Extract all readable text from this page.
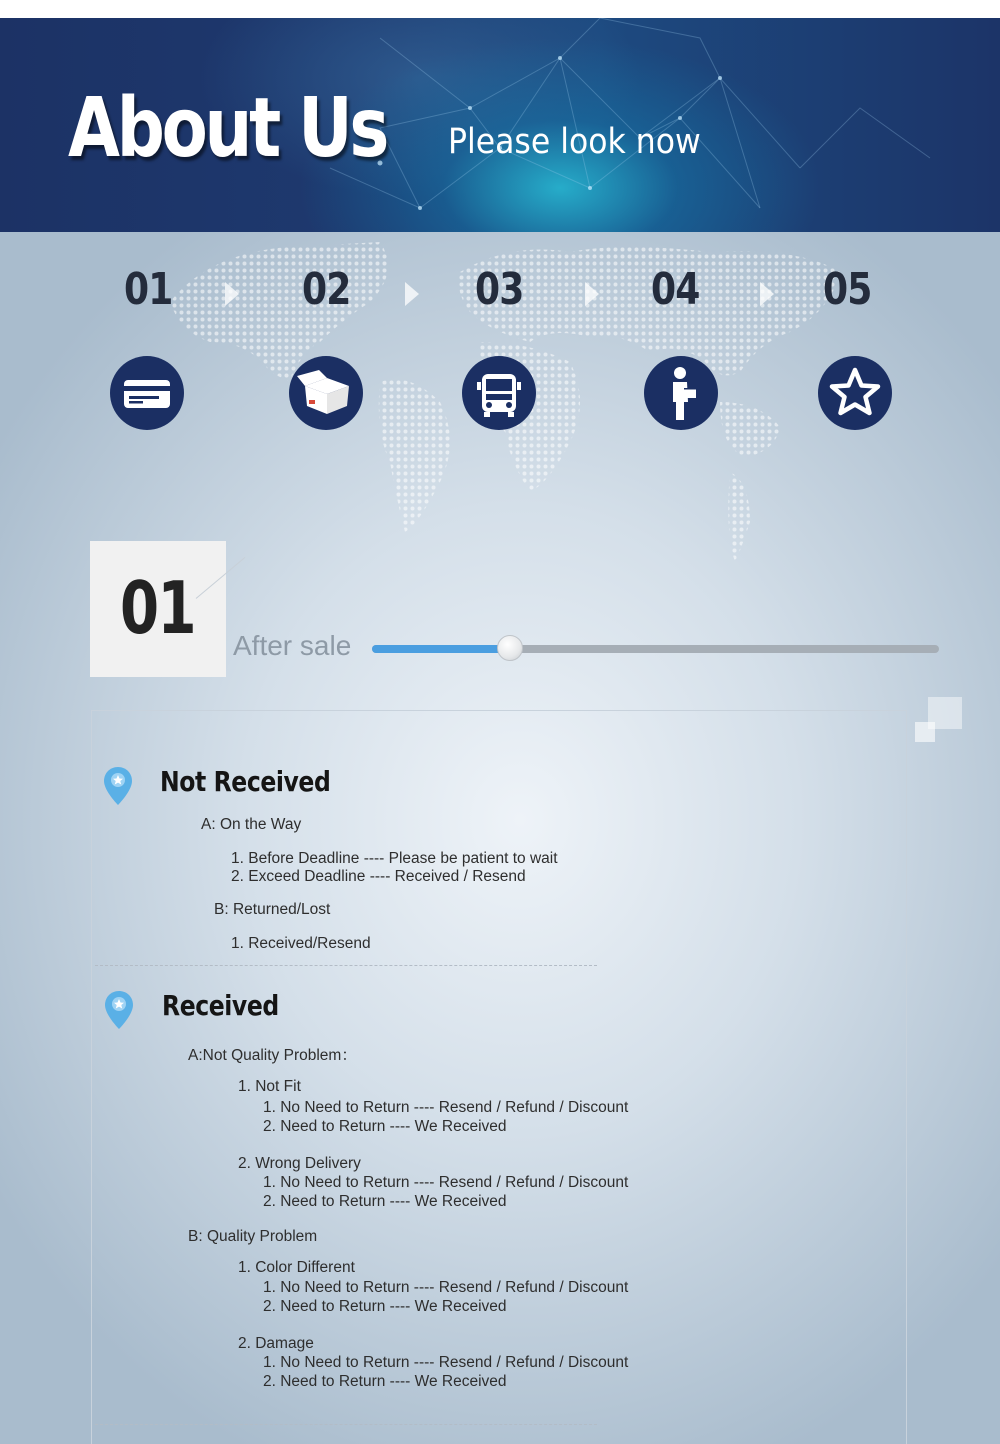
About Us Please look now
01	02	03	04	05
01 After sale
Not Received
A: On the Way
1. Before Deadline ---- Please be patient to wait
2. Exceed Deadline ---- Received / Resend
B: Returned/Lost
1. Received/Resend
Received
A:Not Quality Problem：
1. Not Fit
1. No Need to Return ---- Resend / Refund / Discount
2. Need to Return ---- We Received
2. Wrong Delivery
1. No Need to Return ---- Resend / Refund / Discount
2. Need to Return ---- We Received
B: Quality Problem
1. Color Different
1. No Need to Return ---- Resend / Refund / Discount
2. Need to Return ---- We Received
2. Damage
1. No Need to Return ---- Resend / Refund / Discount
2. Need to Return ---- We Received
